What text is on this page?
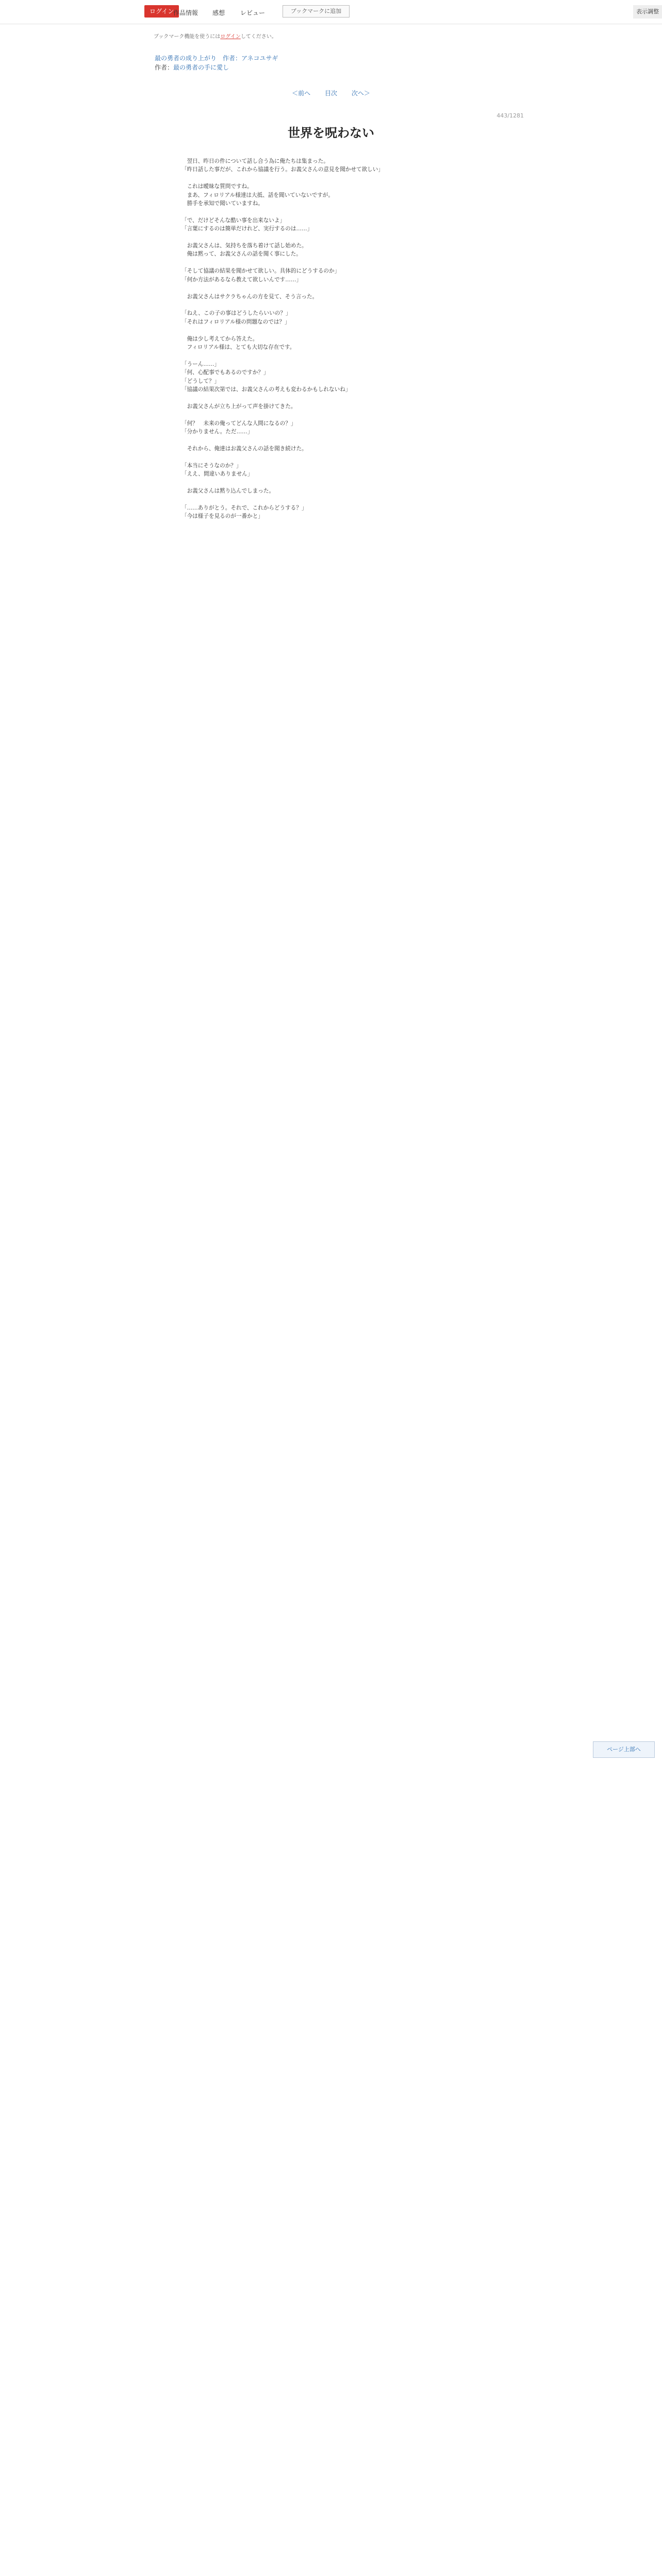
ログイン
作品情報 感想 レビュー	ブックマークに追加	表示調整
ブックマーク機能を使うにはログインしてください。
最の勇者の成り上がり　作者：アネコユサギ
作者：最の勇者の手に愛し
＜前へ 目次 次へ＞
443/1281
世界を呪わない

　翌日、昨日の件について話し合う為に俺たちは集まった。

「昨日話した事だが、これから協議を行う。お義父さんの意見を聞かせて欲しい」

　これは曖昧な質問ですね。
　まあ、フィロリアル様達は大抵、話を聞いていないですが。
　勝手を承知で聞いていますね。

「で、だけどそんな酷い事を出来ないよ」
「言葉にするのは簡単だけれど、実行するのは……」

　お義父さんは、気持ちを落ち着けて話し始めた。
　俺は黙って、お義父さんの話を聞く事にした。

「そして協議の結果を聞かせて欲しい。具体的にどうするのか」
「何か方法があるなら教えて欲しいんです……」

　お義父さんはサクラちゃんの方を見て、そう言った。

「ねえ、この子の事はどうしたらいいの？」
「それはフィロリアル様の問題なのでは？」

　俺は少し考えてから答えた。
　フィロリアル様は、とても大切な存在です。

「うーん……」
「何、心配事でもあるのですか？」
「どうして？」
「協議の結果次第では、お義父さんの考えも変わるかもしれないね」

　お義父さんが立ち上がって声を掛けてきた。

「何？　未来の俺ってどんな人間になるの？」
「分かりません。ただ……」

　それから、俺達はお義父さんの話を聞き続けた。

「本当にそうなのか？」
「ええ、間違いありません」

　お義父さんは黙り込んでしまった。

「……ありがとう。それで、これからどうする？」
「今は様子を見るのが一番かと」

ページ上部へ
